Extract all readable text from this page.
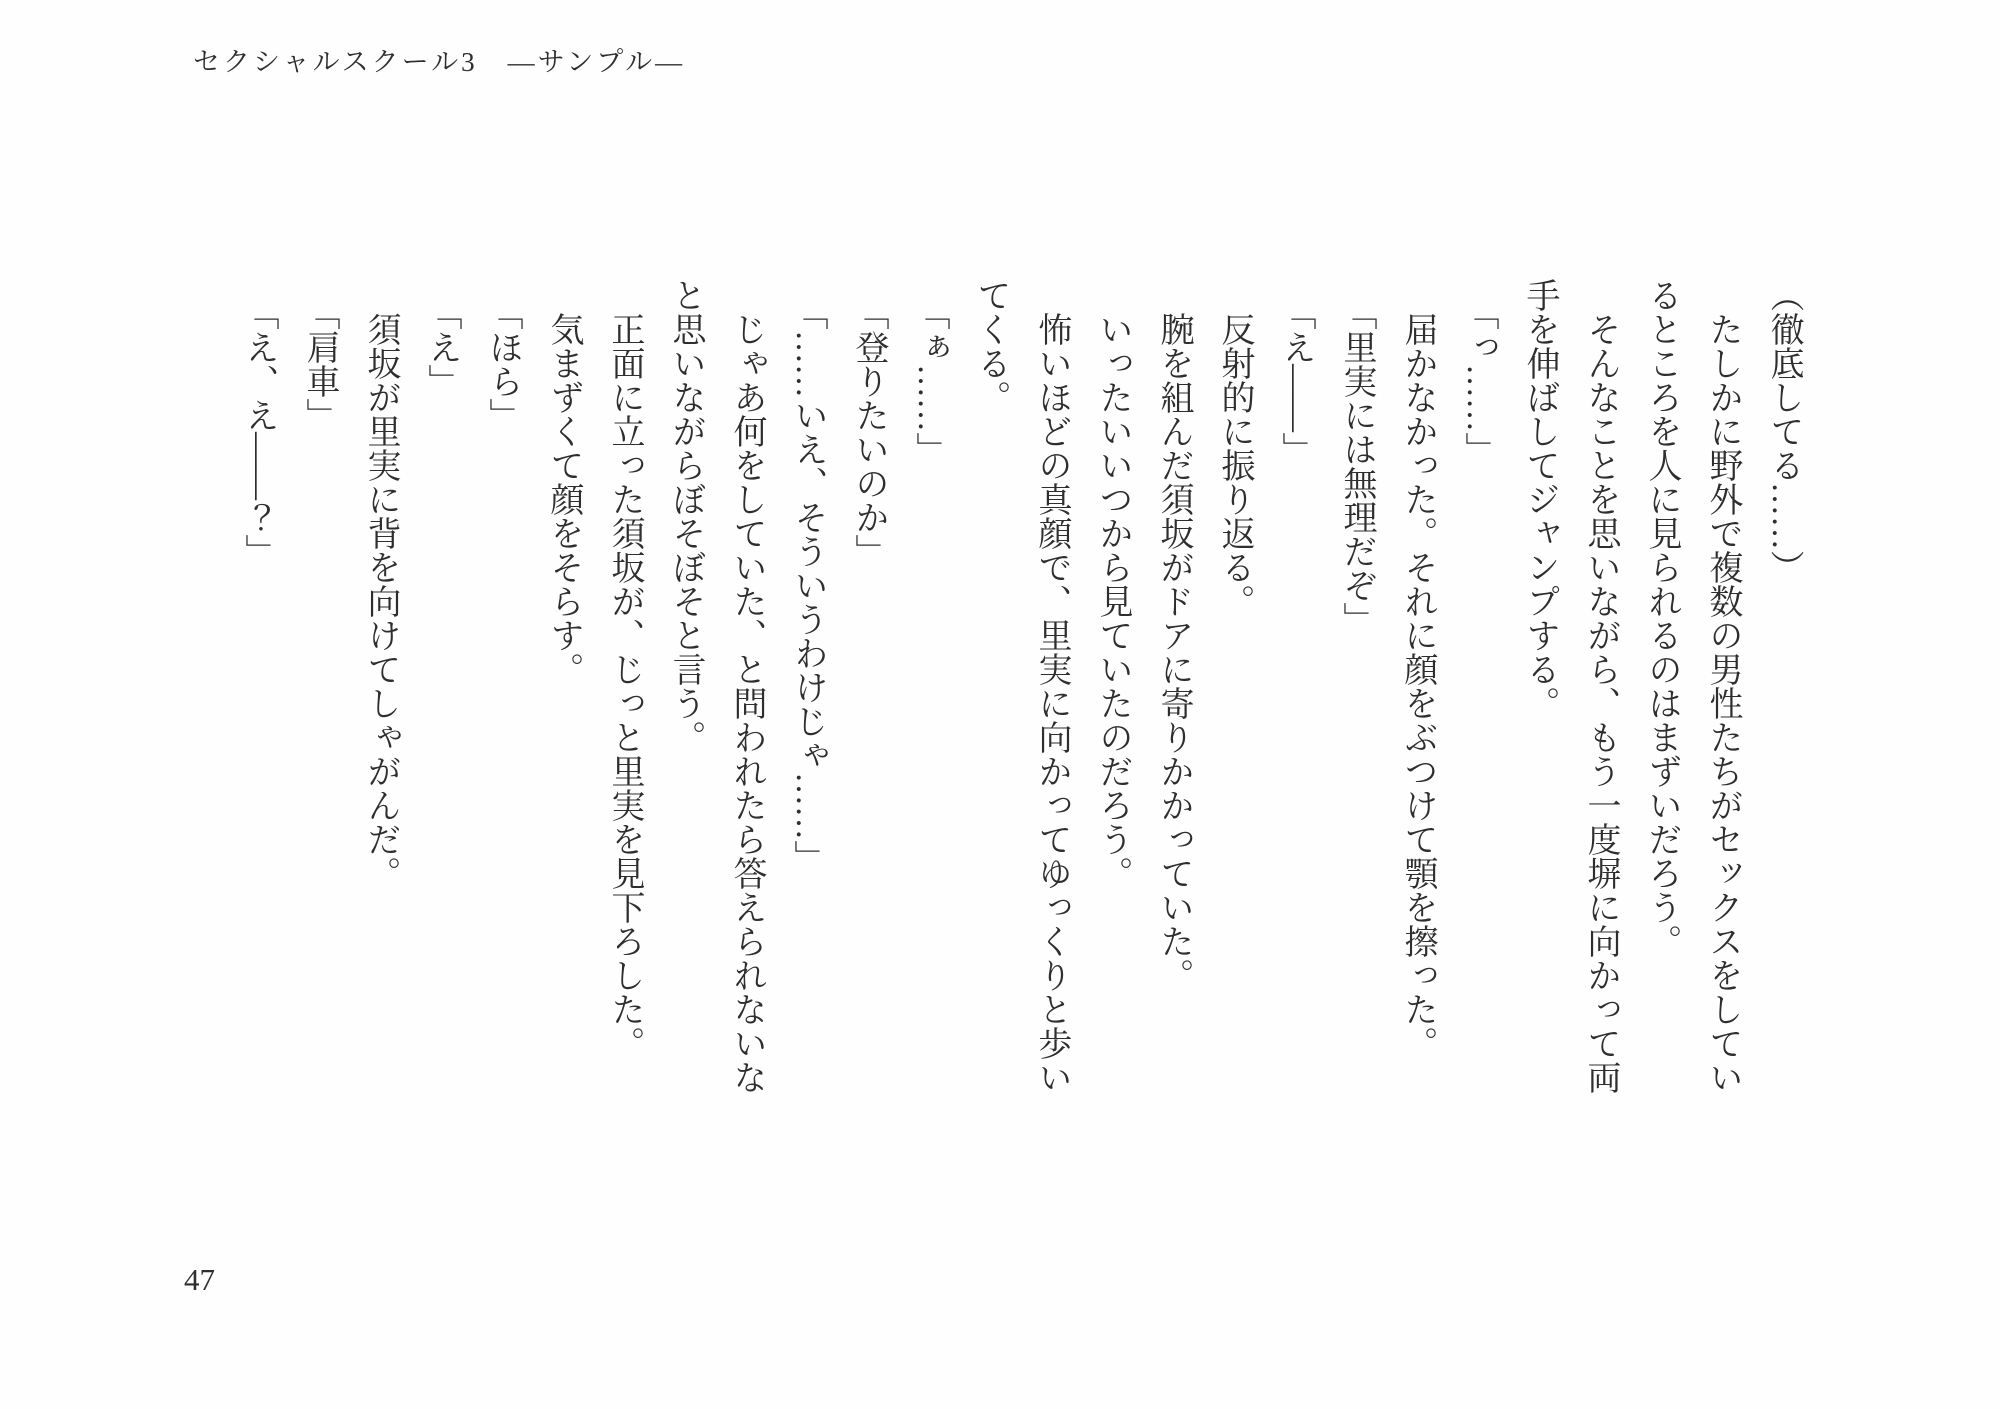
セクシャルスクール3　―サンプル―
（徹底してる……）
たしかに野外で複数の男性たちがセックスをしてい
るところを人に見られるのはまずいだろう。
そんなことを思いながら、もう一度塀に向かって両
手を伸ばしてジャンプする。
「っ……」
届かなかった。それに顔をぶつけて顎を擦った。
「里実には無理だぞ」
「え――」
反射的に振り返る。
腕を組んだ須坂がドアに寄りかかっていた。
いったいいつから見ていたのだろう。
怖いほどの真顔で、里実に向かってゆっくりと歩い
てくる。
「ぁ……」
「登りたいのか」
「……いえ、そういうわけじゃ……」
じゃあ何をしていた、と問われたら答えられないな
と思いながらぼそぼそと言う。
正面に立った須坂が、じっと里実を見下ろした。
気まずくて顔をそらす。
「ほら」
「え」
須坂が里実に背を向けてしゃがんだ。
「肩車」
「え、え――？」
47
